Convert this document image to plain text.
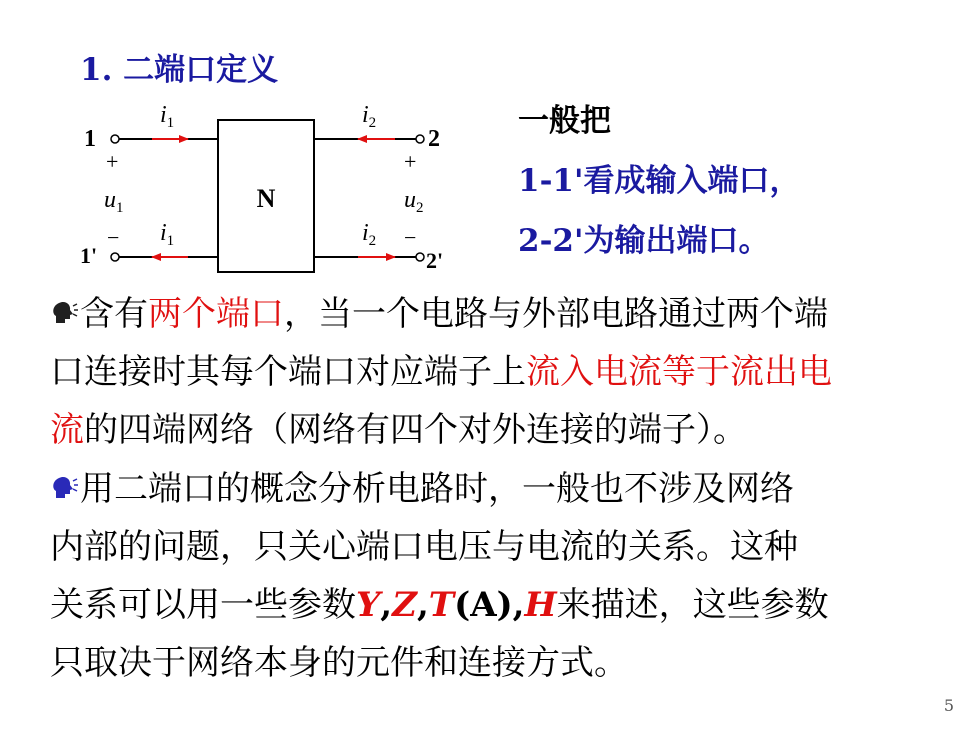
1. 二端口定义
N
1
1'
2
2'
+
−
+
−
$u_1$	$u_2$
$i_1$
$i_1$
$i_2$
$i_2$
一般把
1-1'看成输入端口，
2-2'为输出端口。

含有两个端口，当一个电路与外部电路通过两个端
口连接时其每个端口对应端子上流入电流等于流出电
流的四端网络（网络有四个对外连接的端子）。

用二端口的概念分析电路时，一般也不涉及网络
内部的问题，只关心端口电压与电流的关系。这种
关系可以用一些参数Y,Z,T(A),H来描述，这些参数
只取决于网络本身的元件和连接方式。

5
